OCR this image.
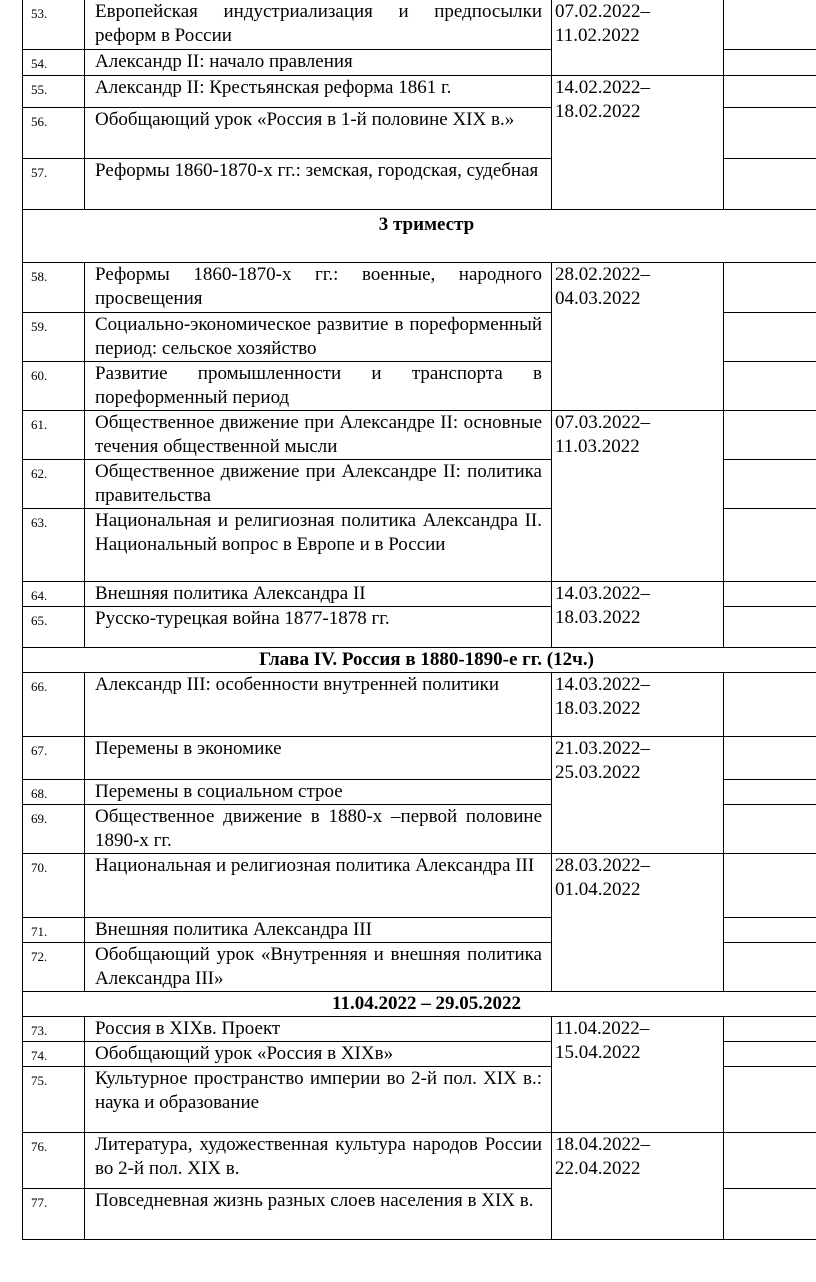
53.	Европейская индустриализация и предпосылки реформ в России	07.02.2022–
11.02.2022	

54.	Александр II: начало правления		
55.	Александр II: Крестьянская реформа 1861 г.	14.02.2022–
18.02.2022	

56.	Обобщающий урок «Россия в 1-й половине XIX в.»		
57.	Реформы 1860-1870-х гг.: земская, городская, судебная		
3 триместр			
58.	Реформы 1860-1870-х гг.: военные, народного просвещения	28.02.2022–
04.03.2022	

59.	Социально-экономическое развитие в пореформенный период: сельское хозяйство		
60.	Развитие промышленности и транспорта в пореформенный период		
61.	Общественное движение при Александре II: основные течения общественной мысли	07.03.2022–
11.03.2022	

62.	Общественное движение при Александре II: политика правительства		
63.	Национальная и религиозная политика Александра II. Национальный вопрос в Европе и в России		
64.	Внешняя политика Александра II	14.03.2022–
18.03.2022	

65.	Русско-турецкая война 1877-1878 гг.		
Глава IV. Россия в 1880-1890-е гг. (12ч.)			
66.	Александр III: особенности внутренней политики	14.03.2022–
18.03.2022	

67.	Перемены в экономике	21.03.2022–
25.03.2022	

68.	Перемены в социальном строе		
69.	Общественное движение в 1880-х –первой половине 1890-х гг.		
70.	Национальная и религиозная политика Александра III	28.03.2022–
01.04.2022	

71.	Внешняя политика Александра III		
72.	Обобщающий урок «Внутренняя и внешняя политика Александра III»		
11.04.2022 – 29.05.2022			
73.	Россия в XIXв. Проект	11.04.2022–
15.04.2022	

74.	Обобщающий урок «Россия в XIXв»		
75.	Культурное пространство империи во 2-й пол. XIX в.: наука и образование		
76.	Литература, художественная культура народов России во 2-й пол. XIX в.	18.04.2022–
22.04.2022	

77.	Повседневная жизнь разных слоев населения в XIX в.		
